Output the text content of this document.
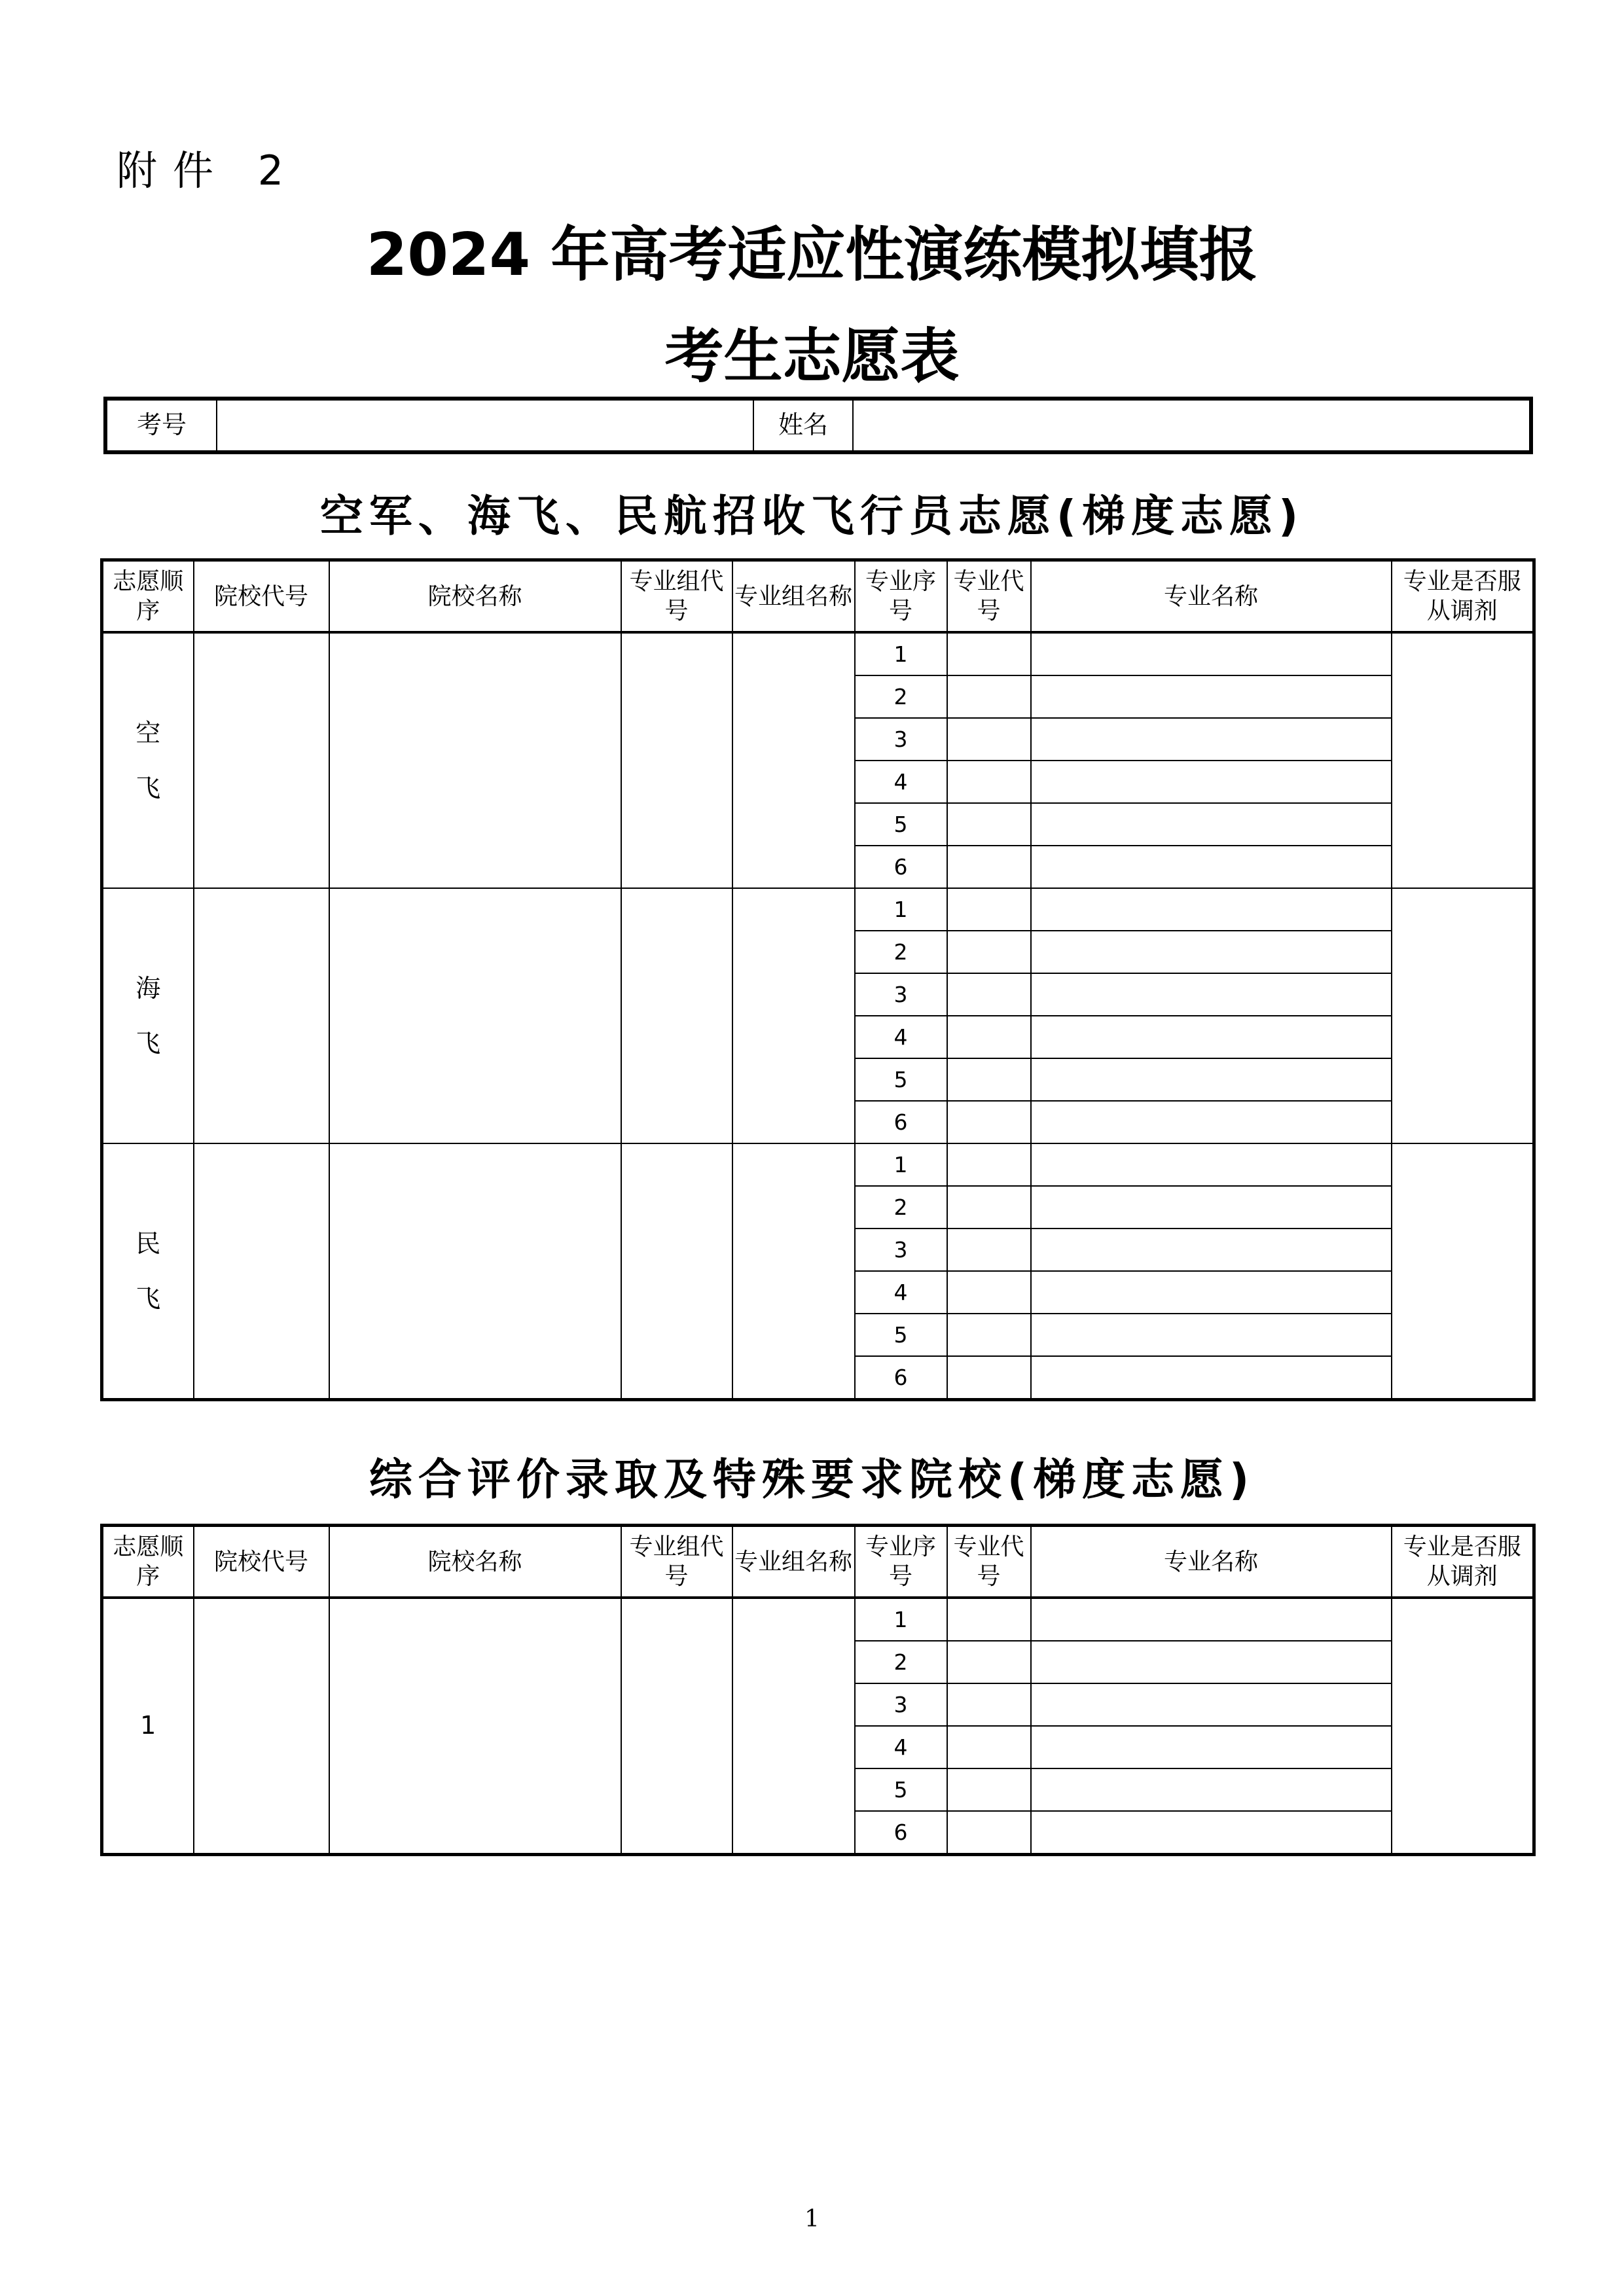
附件 2
2024 年高考适应性演练模拟填报
考生志愿表
考号		姓名	
空军、海飞、民航招收飞行员志愿(梯度志愿)
志愿顺序	院校代号	院校名称	专业组代号	专业组名称	专业序号	专业代号	专业名称	专业是否服从调剂

空
飞					1			
					2			
					3			
					4			
					5			
					6			

海
飞					1			
					2			
					3			
					4			
					5			
					6			

民
飞					1			
					2			
					3			
					4			
					5			
					6			
综合评价录取及特殊要求院校(梯度志愿)
志愿顺序	院校代号	院校名称	专业组代号	专业组名称	专业序号	专业代号	专业名称	专业是否服从调剂
1					1			
					2			
					3			
					4			
					5			
					6			
1
